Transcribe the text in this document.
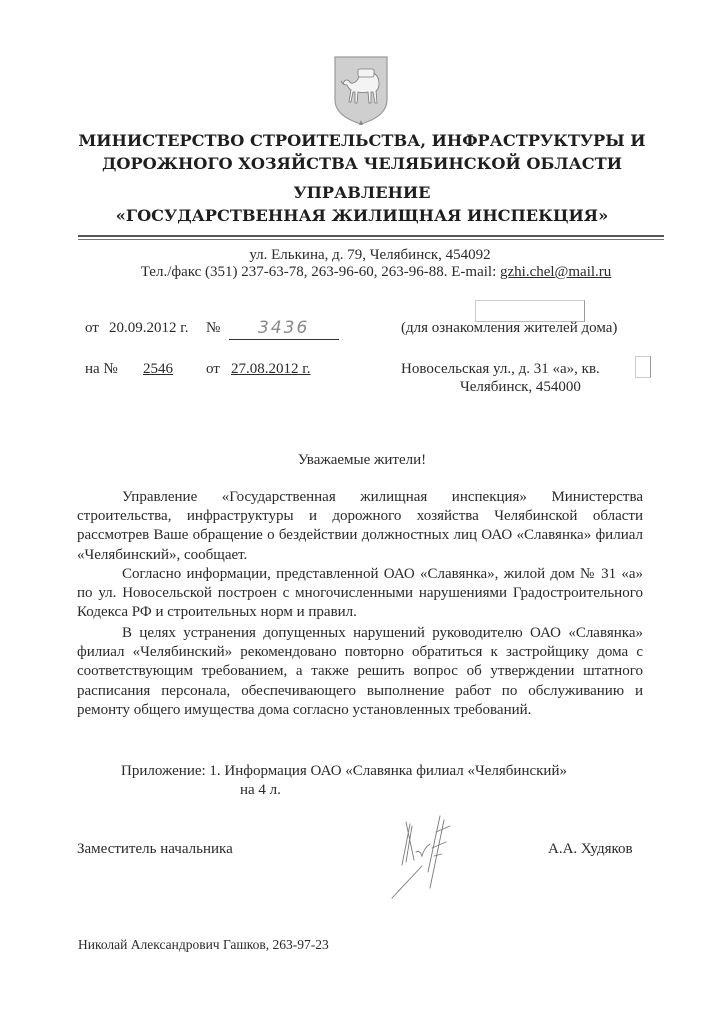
МИНИСТЕРСТВО СТРОИТЕЛЬСТВА, ИНФРАСТРУКТУРЫ И
ДОРОЖНОГО ХОЗЯЙСТВА ЧЕЛЯБИНСКОЙ ОБЛАСТИ
УПРАВЛЕНИЕ
«ГОСУДАРСТВЕННАЯ ЖИЛИЩНАЯ ИНСПЕКЦИЯ»
ул. Елькина, д. 79, Челябинск, 454092
Тел./факс (351) 237-63-78, 263-96-60, 263-96-88. E-mail: gzhi.chel@mail.ru
от 20.09.2012 г. № 3436
на № 2546 от 27.08.2012 г.
(для ознакомления жителей дома)
Новосельская ул., д. 31 «а», кв.
Челябинск, 454000
Уважаемые жители!

Управление «Государственная жилищная инспекция» Министерства строительства, инфраструктуры и дорожного хозяйства Челябинской области рассмотрев Ваше обращение о бездействии должностных лиц ОАО «Славянка» филиал «Челябинский», сообщает.

Согласно информации, представленной ОАО «Славянка», жилой дом № 31 «а» по ул. Новосельской построен с многочисленными нарушениями Градостроительного Кодекса РФ и строительных норм и правил.

В целях устранения допущенных нарушений руководителю ОАО «Славянка» филиал «Челябинский» рекомендовано повторно обратиться к застройщику дома с соответствующим требованием, а также решить вопрос об утверждении штатного расписания персонала, обеспечивающего выполнение работ по обслуживанию и ремонту общего имущества дома согласно установленных требований.

Приложение: 1. Информация ОАО «Славянка филиал «Челябинский»
на 4 л.
Заместитель начальника	А.А. Худяков
Николай Александрович Гашков, 263-97-23
